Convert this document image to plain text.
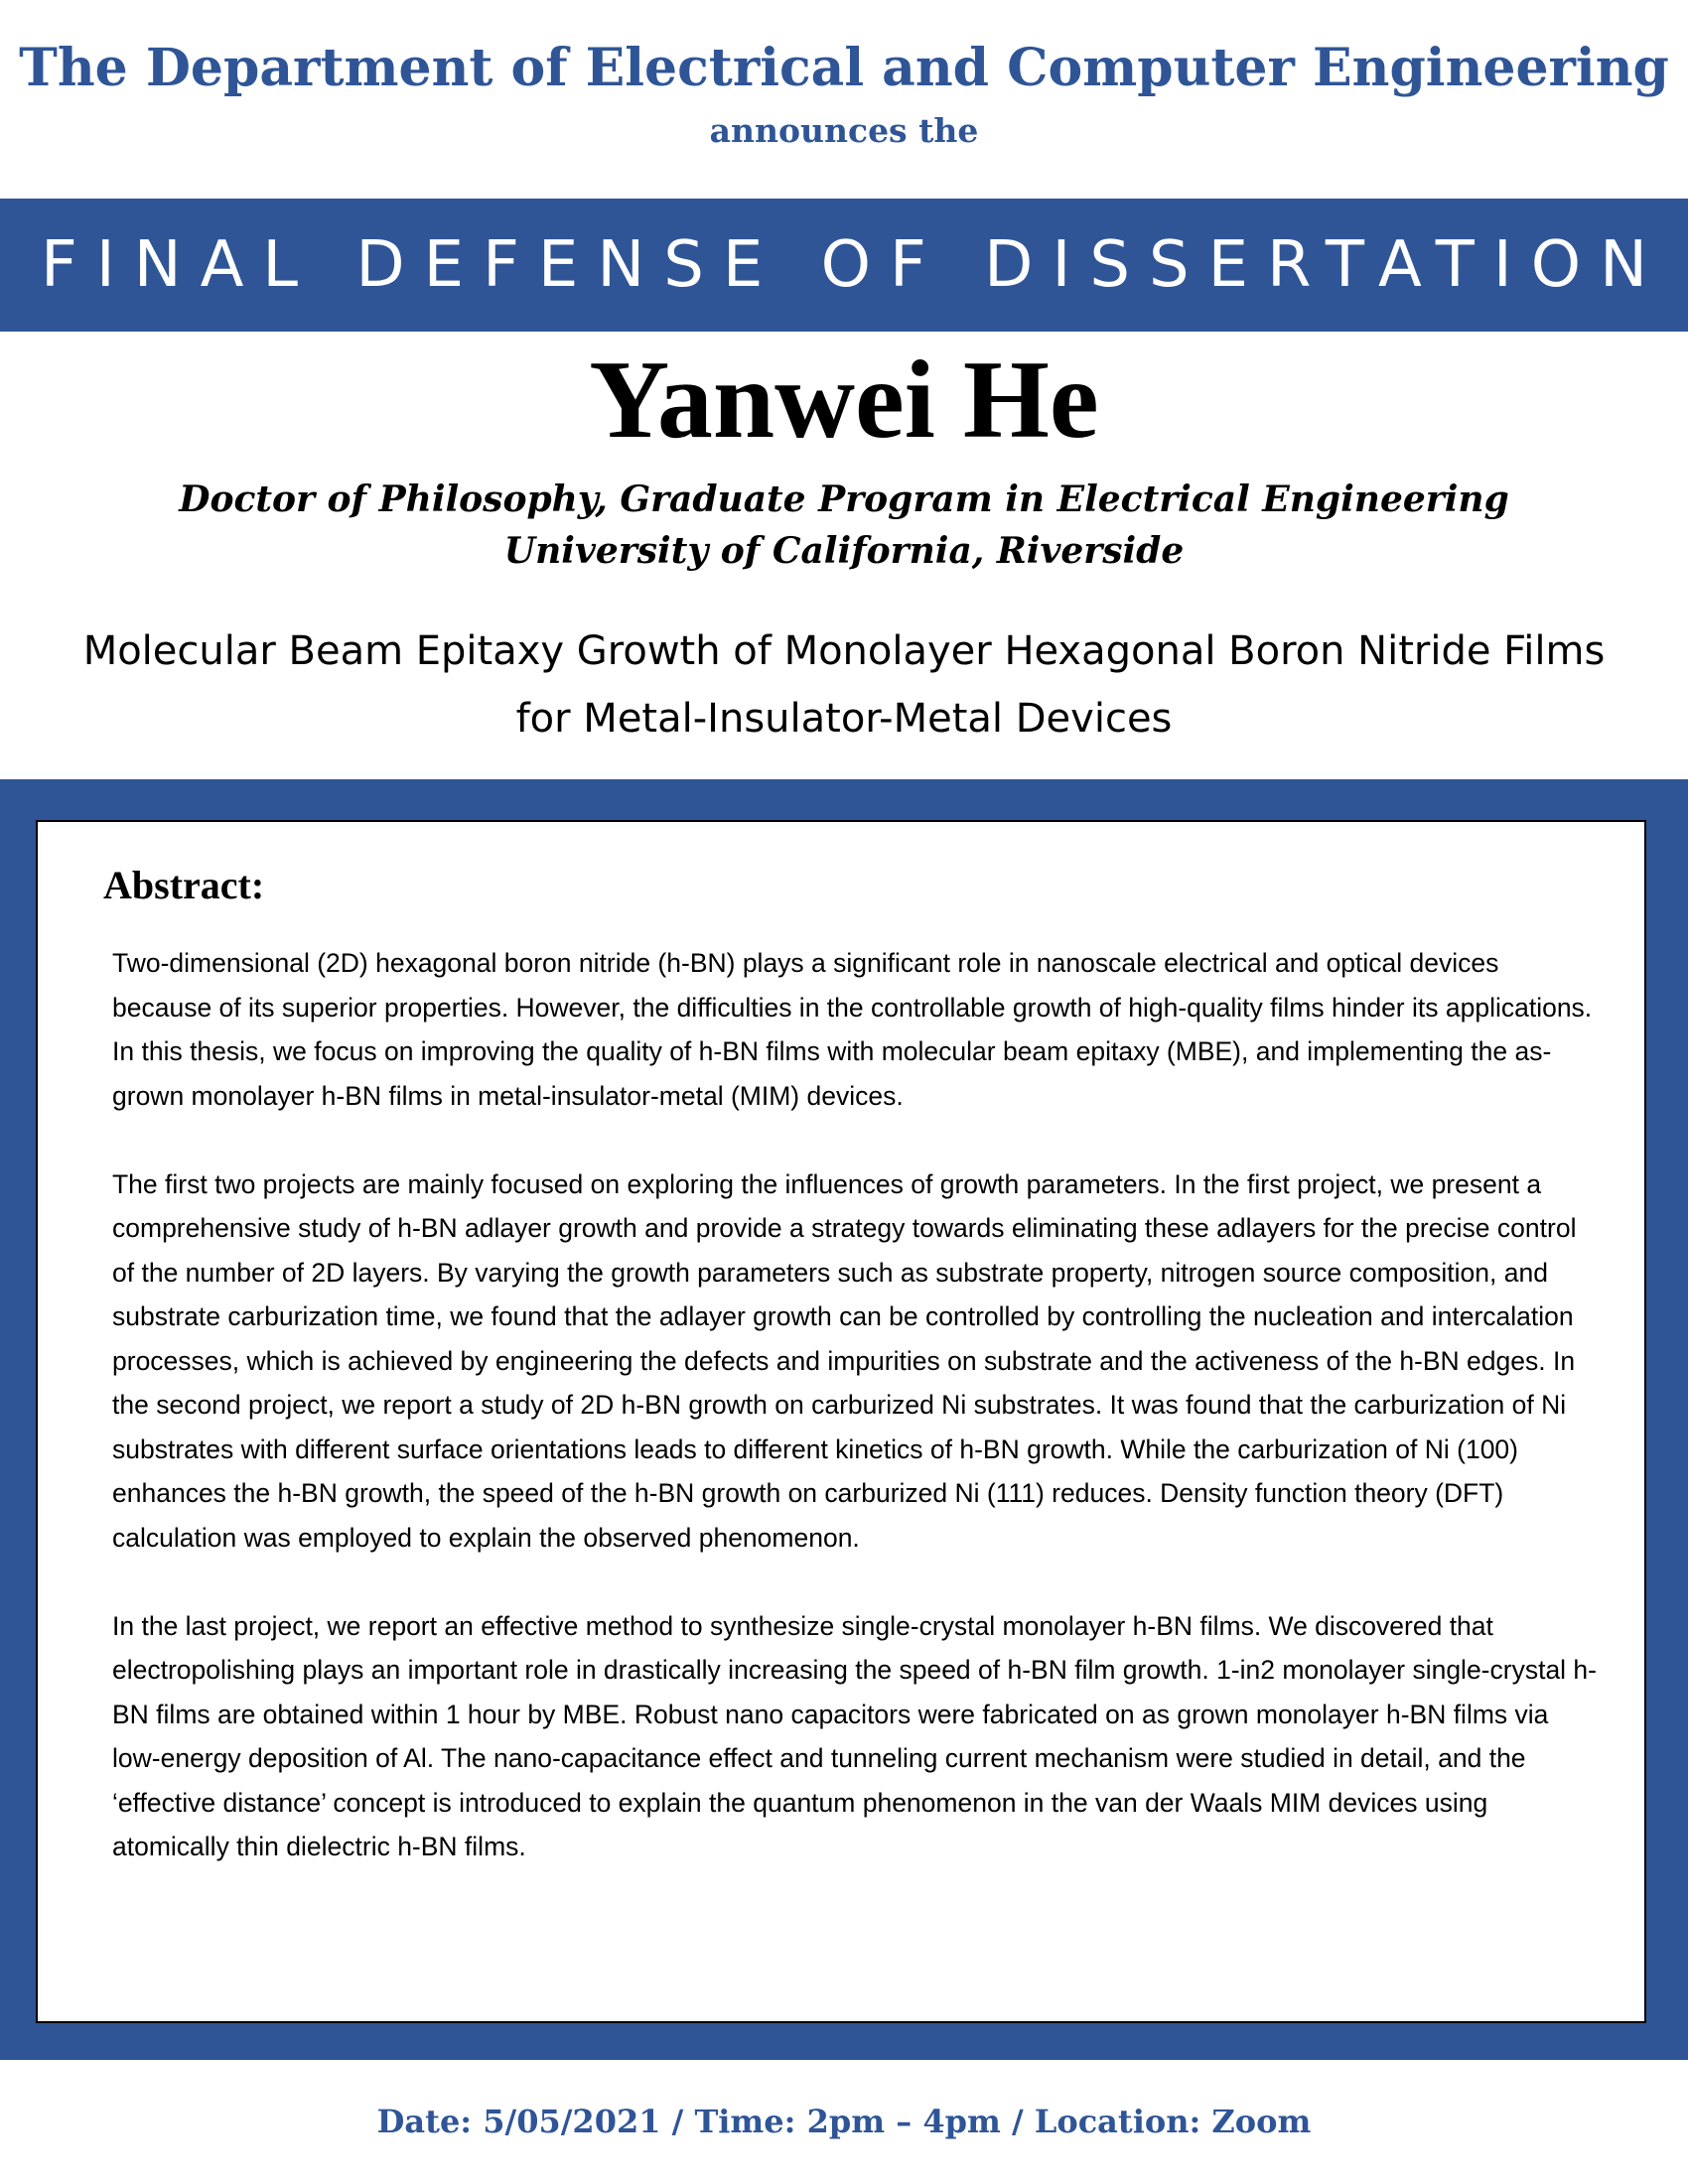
The Department of Electrical and Computer Engineering
announces the
FINAL DEFENSE OF DISSERTATION
Yanwei He
Doctor of Philosophy, Graduate Program in Electrical Engineering
University of California, Riverside
Molecular Beam Epitaxy Growth of Monolayer Hexagonal Boron Nitride Films
for Metal-Insulator-Metal Devices
Abstract:

Two-dimensional (2D) hexagonal boron nitride (h-BN) plays a significant role in nanoscale electrical and optical devices because of its superior properties. However, the difficulties in the controllable growth of high-quality films hinder its applications. In this thesis, we focus on improving the quality of h-BN films with molecular beam epitaxy (MBE), and implementing the as-grown monolayer h-BN films in metal-insulator-metal (MIM) devices.

The first two projects are mainly focused on exploring the influences of growth parameters. In the first project, we present a comprehensive study of h-BN adlayer growth and provide a strategy towards eliminating these adlayers for the precise control of the number of 2D layers. By varying the growth parameters such as substrate property, nitrogen source composition, and substrate carburization time, we found that the adlayer growth can be controlled by controlling the nucleation and intercalation processes, which is achieved by engineering the defects and impurities on substrate and the activeness of the h-BN edges. In the second project, we report a study of 2D h-BN growth on carburized Ni substrates. It was found that the carburization of Ni substrates with different surface orientations leads to different kinetics of h-BN growth. While the carburization of Ni (100) enhances the h-BN growth, the speed of the h-BN growth on carburized Ni (111) reduces. Density function theory (DFT) calculation was employed to explain the observed phenomenon.

In the last project, we report an effective method to synthesize single-crystal monolayer h-BN films. We discovered that electropolishing plays an important role in drastically increasing the speed of h-BN film growth. 1-in2 monolayer single-crystal h-BN films are obtained within 1 hour by MBE. Robust nano capacitors were fabricated on as grown monolayer h-BN films via low-energy deposition of Al. The nano-capacitance effect and tunneling current mechanism were studied in detail, and the ‘effective distance’ concept is introduced to explain the quantum phenomenon in the van der Waals MIM devices using atomically thin dielectric h-BN films.

Date: 5/05/2021 / Time: 2pm – 4pm / Location: Zoom
